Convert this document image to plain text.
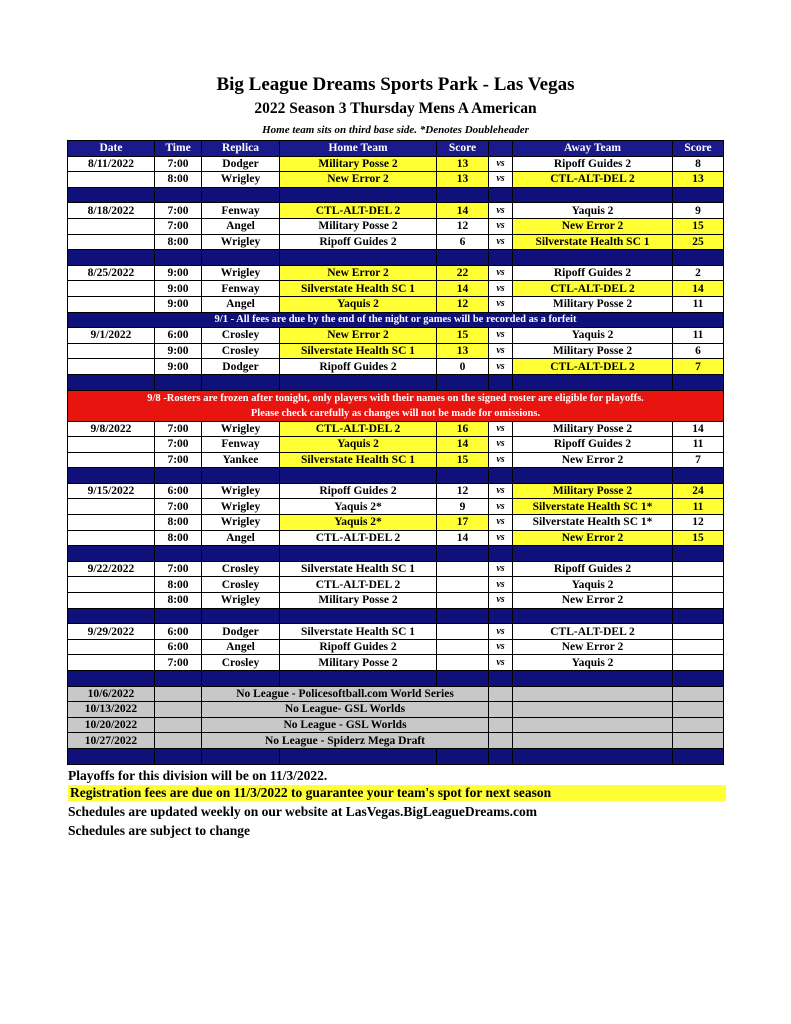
Big League Dreams Sports Park - Las Vegas
2022 Season 3 Thursday Mens A American
Home team sits on third base side. *Denotes Doubleheader
Date	Time	Replica	Home Team	Score		Away Team	Score
8/11/2022	7:00	Dodger	Military Posse 2	13	vs	Ripoff Guides 2	8
	8:00	Wrigley	New Error 2	13	vs	CTL-ALT-DEL 2	13

8/18/2022	7:00	Fenway	CTL-ALT-DEL 2	14	vs	Yaquis 2	9
	7:00	Angel	Military Posse 2	12	vs	New Error 2	15
	8:00	Wrigley	Ripoff Guides 2	6	vs	Silverstate Health SC 1	25

8/25/2022	9:00	Wrigley	New Error 2	22	vs	Ripoff Guides 2	2
	9:00	Fenway	Silverstate Health SC 1	14	vs	CTL-ALT-DEL 2	14
	9:00	Angel	Yaquis 2	12	vs	Military Posse 2	11
9/1 - All fees are due by the end of the night or games will be recorded as a forfeit							
9/1/2022	6:00	Crosley	New Error 2	15	vs	Yaquis 2	11
	9:00	Crosley	Silverstate Health SC 1	13	vs	Military Posse 2	6
	9:00	Dodger	Ripoff Guides 2	0	vs	CTL-ALT-DEL 2	7

9/8 -Rosters are frozen after tonight, only players with their names on the signed roster are eligible for playoffs.
Please check carefully as changes will not be made for omissions.							

9/8/2022	7:00	Wrigley	CTL-ALT-DEL 2	16	vs	Military Posse 2	14
	7:00	Fenway	Yaquis 2	14	vs	Ripoff Guides 2	11
	7:00	Yankee	Silverstate Health SC 1	15	vs	New Error 2	7

9/15/2022	6:00	Wrigley	Ripoff Guides 2	12	vs	Military Posse 2	24
	7:00	Wrigley	Yaquis 2*	9	vs	Silverstate Health SC 1*	11
	8:00	Wrigley	Yaquis 2*	17	vs	Silverstate Health SC 1*	12
	8:00	Angel	CTL-ALT-DEL 2	14	vs	New Error 2	15

9/22/2022	7:00	Crosley	Silverstate Health SC 1		vs	Ripoff Guides 2	
	8:00	Crosley	CTL-ALT-DEL 2		vs	Yaquis 2	
	8:00	Wrigley	Military Posse 2		vs	New Error 2	

9/29/2022	6:00	Dodger	Silverstate Health SC 1		vs	CTL-ALT-DEL 2	
	6:00	Angel	Ripoff Guides 2		vs	New Error 2	
	7:00	Crosley	Military Posse 2		vs	Yaquis 2	

10/6/2022		No League - Policesoftball.com World Series					
10/13/2022		No League- GSL Worlds					
10/20/2022		No League - GSL Worlds					
10/27/2022		No League - Spiderz Mega Draft					

Playoffs for this division will be on 11/3/2022.
Registration fees are due on 11/3/2022 to guarantee your team's spot for next season
Schedules are updated weekly on our website at LasVegas.BigLeagueDreams.com
Schedules are subject to change
